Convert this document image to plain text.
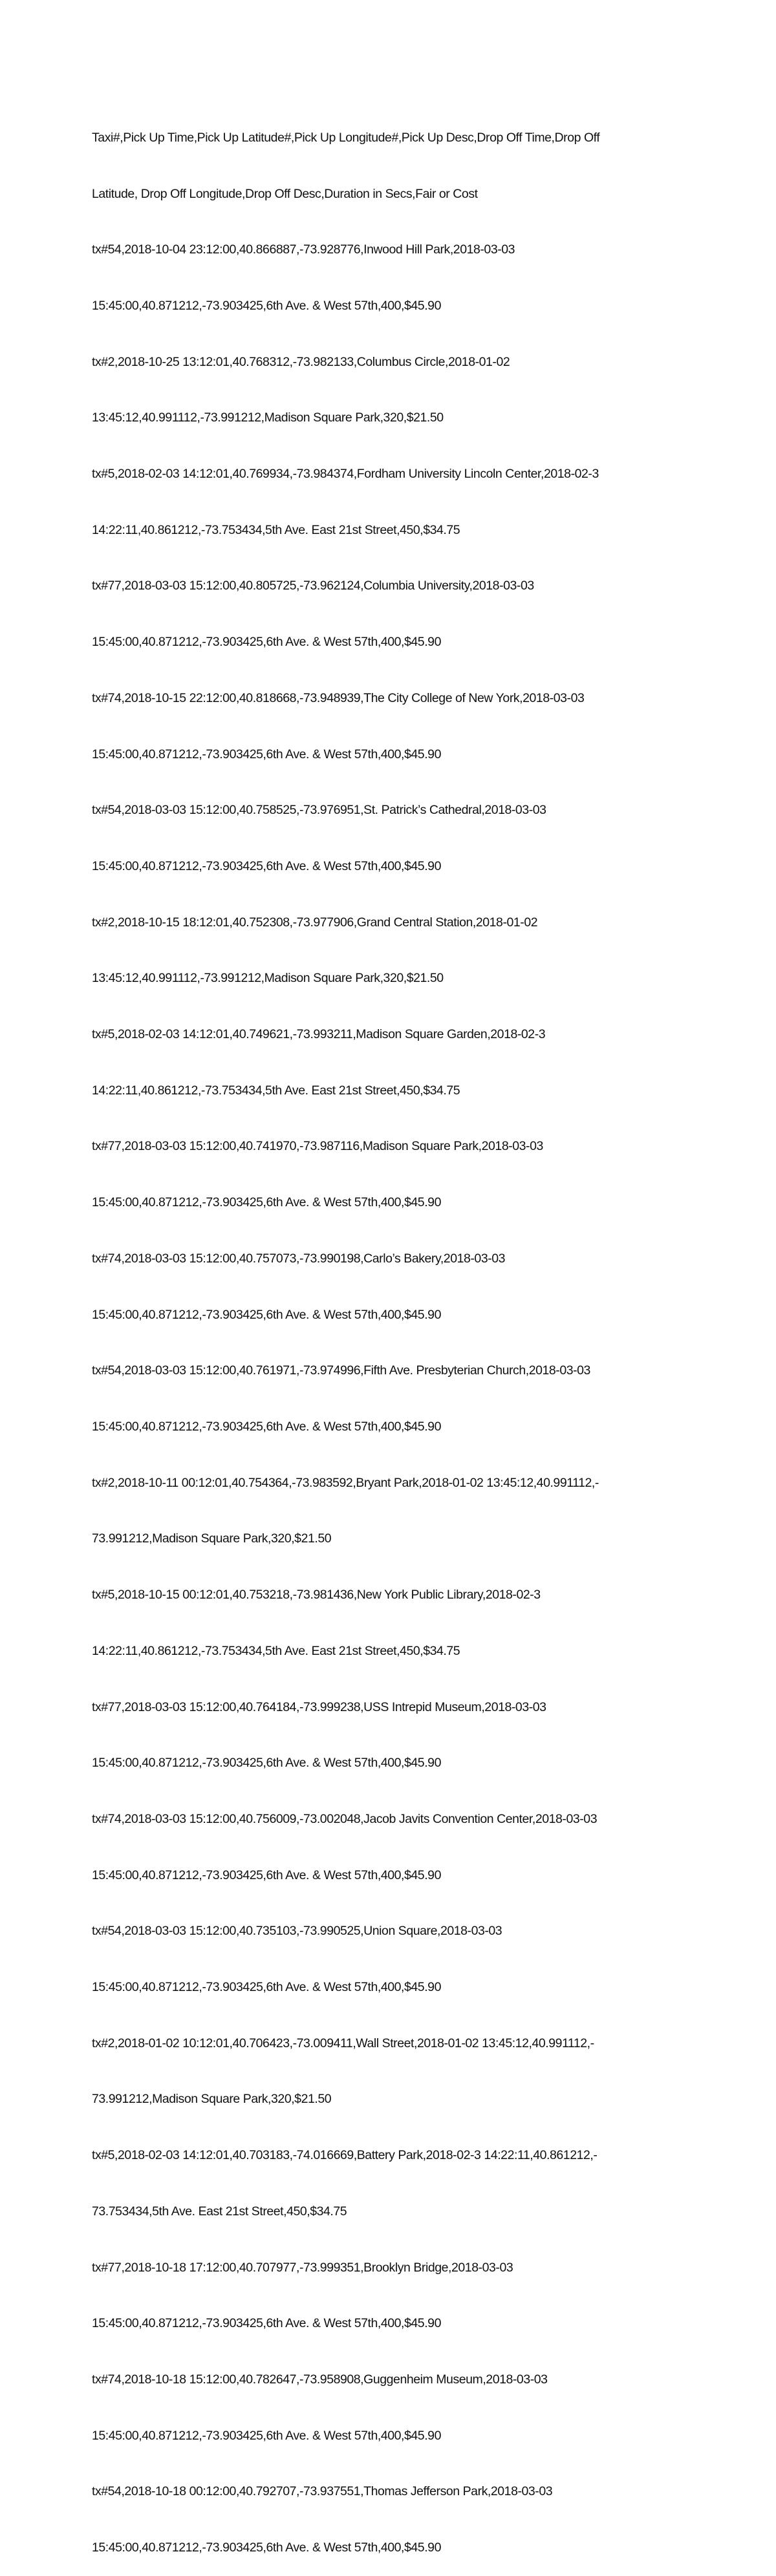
Taxi#,Pick Up Time,Pick Up Latitude#,Pick Up Longitude#,Pick Up Desc,Drop Off Time,Drop Off

Latitude, Drop Off Longitude,Drop Off Desc,Duration in Secs,Fair or Cost

tx#54,2018-10-04 23:12:00,40.866887,-73.928776,Inwood Hill Park,2018-03-03

15:45:00,40.871212,-73.903425,6th Ave. & West 57th,400,$45.90

tx#2,2018-10-25 13:12:01,40.768312,-73.982133,Columbus Circle,2018-01-02

13:45:12,40.991112,-73.991212,Madison Square Park,320,$21.50

tx#5,2018-02-03 14:12:01,40.769934,-73.984374,Fordham University Lincoln Center,2018-02-3

14:22:11,40.861212,-73.753434,5th Ave. East 21st Street,450,$34.75

tx#77,2018-03-03 15:12:00,40.805725,-73.962124,Columbia University,2018-03-03

15:45:00,40.871212,-73.903425,6th Ave. & West 57th,400,$45.90

tx#74,2018-10-15 22:12:00,40.818668,-73.948939,The City College of New York,2018-03-03

15:45:00,40.871212,-73.903425,6th Ave. & West 57th,400,$45.90

tx#54,2018-03-03 15:12:00,40.758525,-73.976951,St. Patrick’s Cathedral,2018-03-03

15:45:00,40.871212,-73.903425,6th Ave. & West 57th,400,$45.90

tx#2,2018-10-15 18:12:01,40.752308,-73.977906,Grand Central Station,2018-01-02

13:45:12,40.991112,-73.991212,Madison Square Park,320,$21.50

tx#5,2018-02-03 14:12:01,40.749621,-73.993211,Madison Square Garden,2018-02-3

14:22:11,40.861212,-73.753434,5th Ave. East 21st Street,450,$34.75

tx#77,2018-03-03 15:12:00,40.741970,-73.987116,Madison Square Park,2018-03-03

15:45:00,40.871212,-73.903425,6th Ave. & West 57th,400,$45.90

tx#74,2018-03-03 15:12:00,40.757073,-73.990198,Carlo’s Bakery,2018-03-03

15:45:00,40.871212,-73.903425,6th Ave. & West 57th,400,$45.90

tx#54,2018-03-03 15:12:00,40.761971,-73.974996,Fifth Ave. Presbyterian Church,2018-03-03

15:45:00,40.871212,-73.903425,6th Ave. & West 57th,400,$45.90

tx#2,2018-10-11 00:12:01,40.754364,-73.983592,Bryant Park,2018-01-02 13:45:12,40.991112,-

73.991212,Madison Square Park,320,$21.50

tx#5,2018-10-15 00:12:01,40.753218,-73.981436,New York Public Library,2018-02-3

14:22:11,40.861212,-73.753434,5th Ave. East 21st Street,450,$34.75

tx#77,2018-03-03 15:12:00,40.764184,-73.999238,USS Intrepid Museum,2018-03-03

15:45:00,40.871212,-73.903425,6th Ave. & West 57th,400,$45.90

tx#74,2018-03-03 15:12:00,40.756009,-73.002048,Jacob Javits Convention Center,2018-03-03

15:45:00,40.871212,-73.903425,6th Ave. & West 57th,400,$45.90

tx#54,2018-03-03 15:12:00,40.735103,-73.990525,Union Square,2018-03-03

15:45:00,40.871212,-73.903425,6th Ave. & West 57th,400,$45.90

tx#2,2018-01-02 10:12:01,40.706423,-73.009411,Wall Street,2018-01-02 13:45:12,40.991112,-

73.991212,Madison Square Park,320,$21.50

tx#5,2018-02-03 14:12:01,40.703183,-74.016669,Battery Park,2018-02-3 14:22:11,40.861212,-

73.753434,5th Ave. East 21st Street,450,$34.75

tx#77,2018-10-18 17:12:00,40.707977,-73.999351,Brooklyn Bridge,2018-03-03

15:45:00,40.871212,-73.903425,6th Ave. & West 57th,400,$45.90

tx#74,2018-10-18 15:12:00,40.782647,-73.958908,Guggenheim Museum,2018-03-03

15:45:00,40.871212,-73.903425,6th Ave. & West 57th,400,$45.90

tx#54,2018-10-18 00:12:00,40.792707,-73.937551,Thomas Jefferson Park,2018-03-03

15:45:00,40.871212,-73.903425,6th Ave. & West 57th,400,$45.90
